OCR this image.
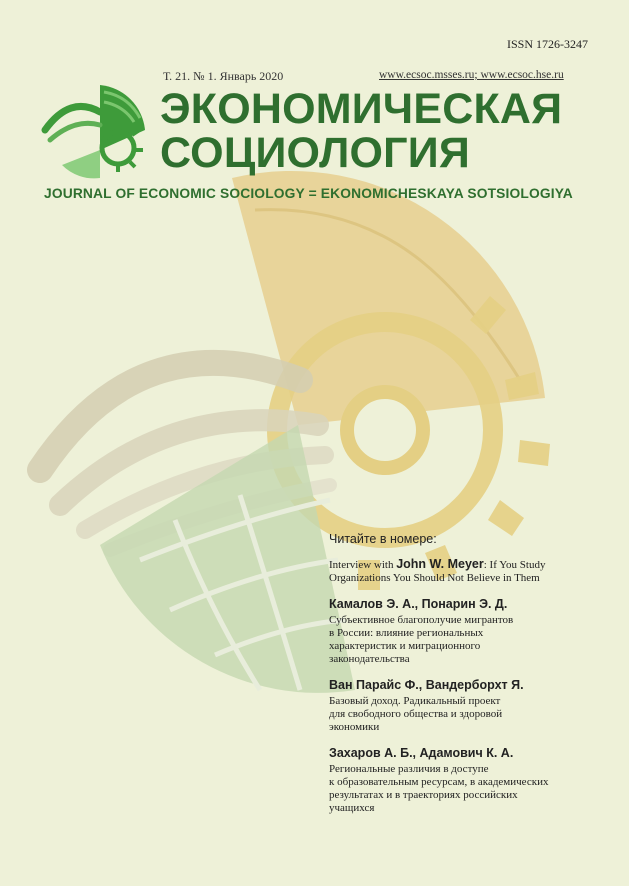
ISSN 1726-3247
Т. 21. № 1. Январь 2020	www.ecsoc.msses.ru; www.ecsoc.hse.ru
ЭКОНОМИЧЕСКАЯ
СОЦИОЛОГИЯ
JOURNAL OF ECONOMIC SOCIOLOGY = EKONOMICHESKAYA SOTSIOLOGIYA
Читайте в номере:
Interview with John W. Meyer: If You Study
Organizations You Should Not Believe in Them
Камалов Э. А., Понарин Э. Д.
Субъективное благополучие мигрантов
в России: влияние региональных
характеристик и миграционного
законодательства
Ван Парайс Ф., Вандерборхт Я.
Базовый доход. Радикальный проект
для свободного общества и здоровой
экономики
Захаров А. Б., Адамович К. А.
Региональные различия в доступе
к образовательным ресурсам, в академических
результатах и в траекториях российских
учащихся
